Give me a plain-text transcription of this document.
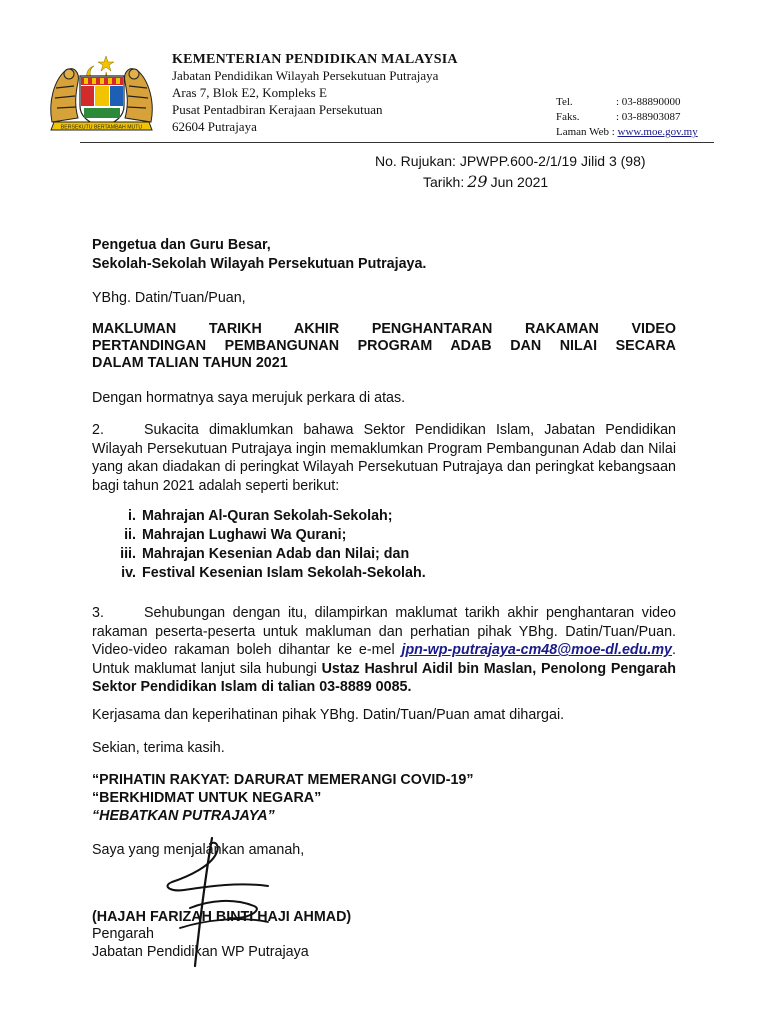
BERSEKUTU BERTAMBAH MUTU
KEMENTERIAN PENDIDIKAN MALAYSIA
Jabatan Pendidikan Wilayah Persekutuan Putrajaya
Aras 7, Blok E2, Kompleks E
Pusat Pentadbiran Kerajaan Persekutuan
62604 Putrajaya
Tel.	: 03-88890000
Faks.	: 03-88903087
Laman Web : www.moe.gov.my
No. Rujukan: JPWPP.600-2/1/19 Jilid 3 (98)
Tarikh: 29 Jun 2021
Pengetua dan Guru Besar,
Sekolah-Sekolah Wilayah Persekutuan Putrajaya.
YBhg. Datin/Tuan/Puan,
MAKLUMAN TARIKH AKHIR PENGHANTARAN RAKAMAN VIDEO
PERTANDINGAN PEMBANGUNAN PROGRAM ADAB DAN NILAI SECARA
DALAM TALIAN TAHUN 2021
Dengan hormatnya saya merujuk perkara di atas.
2.	Sukacita dimaklumkan bahawa Sektor Pendidikan Islam, Jabatan Pendidikan Wilayah Persekutuan Putrajaya ingin memaklumkan Program Pembangunan Adab dan Nilai yang akan diadakan di peringkat Wilayah Persekutuan Putrajaya dan peringkat kebangsaan bagi tahun 2021 adalah seperti berikut:
i. Mahrajan Al-Quran Sekolah-Sekolah;
ii. Mahrajan Lughawi Wa Qurani;
iii. Mahrajan Kesenian Adab dan Nilai; dan
iv. Festival Kesenian Islam Sekolah-Sekolah.
3.	Sehubungan dengan itu, dilampirkan maklumat tarikh akhir penghantaran video rakaman peserta-peserta untuk makluman dan perhatian pihak YBhg. Datin/Tuan/Puan. Video-video rakaman boleh dihantar ke e-mel jpn-wp-putrajaya-cm48@moe-dl.edu.my. Untuk maklumat lanjut sila hubungi Ustaz Hashrul Aidil bin Maslan, Penolong Pengarah Sektor Pendidikan Islam di talian 03-8889 0085.
Kerjasama dan keperihatinan pihak YBhg. Datin/Tuan/Puan amat dihargai.
Sekian, terima kasih.
“PRIHATIN RAKYAT: DARURAT MEMERANGI COVID-19”
“BERKHIDMAT UNTUK NEGARA”
“HEBATKAN PUTRAJAYA”
Saya yang menjalankan amanah,
(HAJAH FARIZAH BINTI HAJI AHMAD)
Pengarah
Jabatan Pendidikan WP Putrajaya
